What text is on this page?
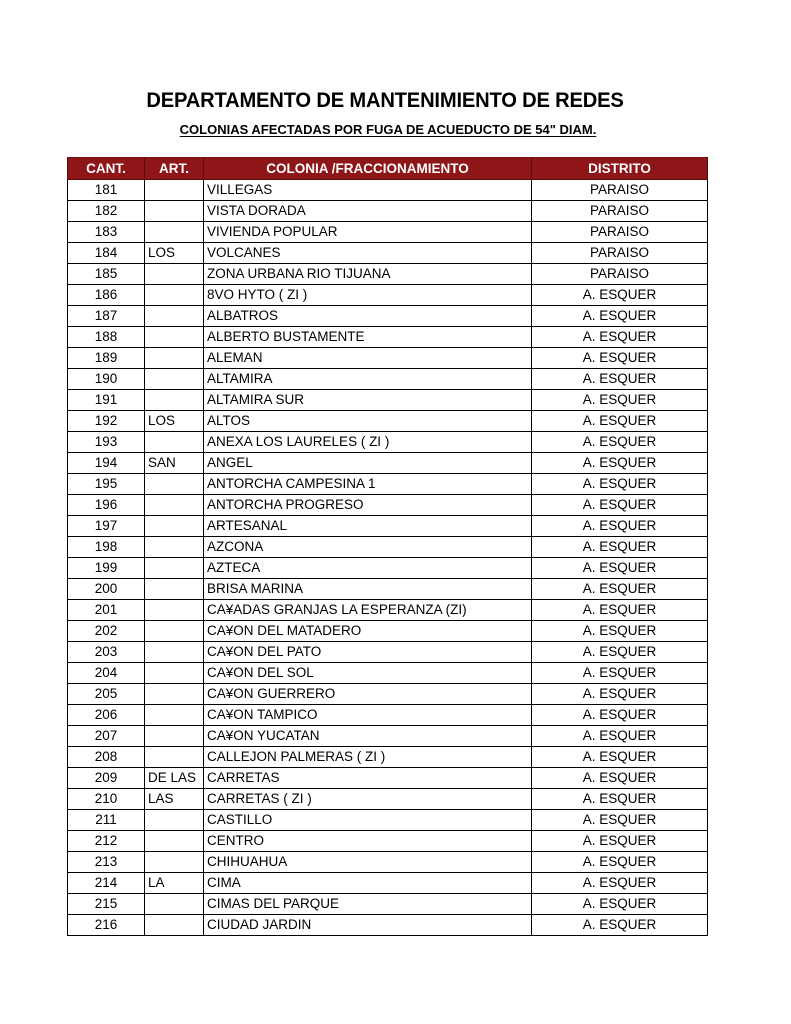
DEPARTAMENTO DE MANTENIMIENTO DE REDES
COLONIAS AFECTADAS POR FUGA DE ACUEDUCTO DE 54" DIAM.
CANT.	ART.	COLONIA /FRACCIONAMIENTO	DISTRITO
181		VILLEGAS	PARAISO
182		VISTA DORADA	PARAISO
183		VIVIENDA POPULAR	PARAISO
184	LOS	VOLCANES	PARAISO
185		ZONA URBANA RIO TIJUANA	PARAISO
186		8VO HYTO ( ZI )	A. ESQUER
187		ALBATROS	A. ESQUER
188		ALBERTO BUSTAMENTE	A. ESQUER
189		ALEMAN	A. ESQUER
190		ALTAMIRA	A. ESQUER
191		ALTAMIRA SUR	A. ESQUER
192	LOS	ALTOS	A. ESQUER
193		ANEXA LOS LAURELES ( ZI )	A. ESQUER
194	SAN	ANGEL	A. ESQUER
195		ANTORCHA CAMPESINA 1	A. ESQUER
196		ANTORCHA PROGRESO	A. ESQUER
197		ARTESANAL	A. ESQUER
198		AZCONA	A. ESQUER
199		AZTECA	A. ESQUER
200		BRISA MARINA	A. ESQUER
201		CA¥ADAS GRANJAS LA ESPERANZA (ZI)	A. ESQUER
202		CA¥ON DEL MATADERO	A. ESQUER
203		CA¥ON DEL PATO	A. ESQUER
204		CA¥ON DEL SOL	A. ESQUER
205		CA¥ON GUERRERO	A. ESQUER
206		CA¥ON TAMPICO	A. ESQUER
207		CA¥ON YUCATAN	A. ESQUER
208		CALLEJON PALMERAS ( ZI )	A. ESQUER
209	DE LAS	CARRETAS	A. ESQUER
210	LAS	CARRETAS ( ZI )	A. ESQUER
211		CASTILLO	A. ESQUER
212		CENTRO	A. ESQUER
213		CHIHUAHUA	A. ESQUER
214	LA	CIMA	A. ESQUER
215		CIMAS DEL PARQUE	A. ESQUER
216		CIUDAD JARDIN	A. ESQUER
